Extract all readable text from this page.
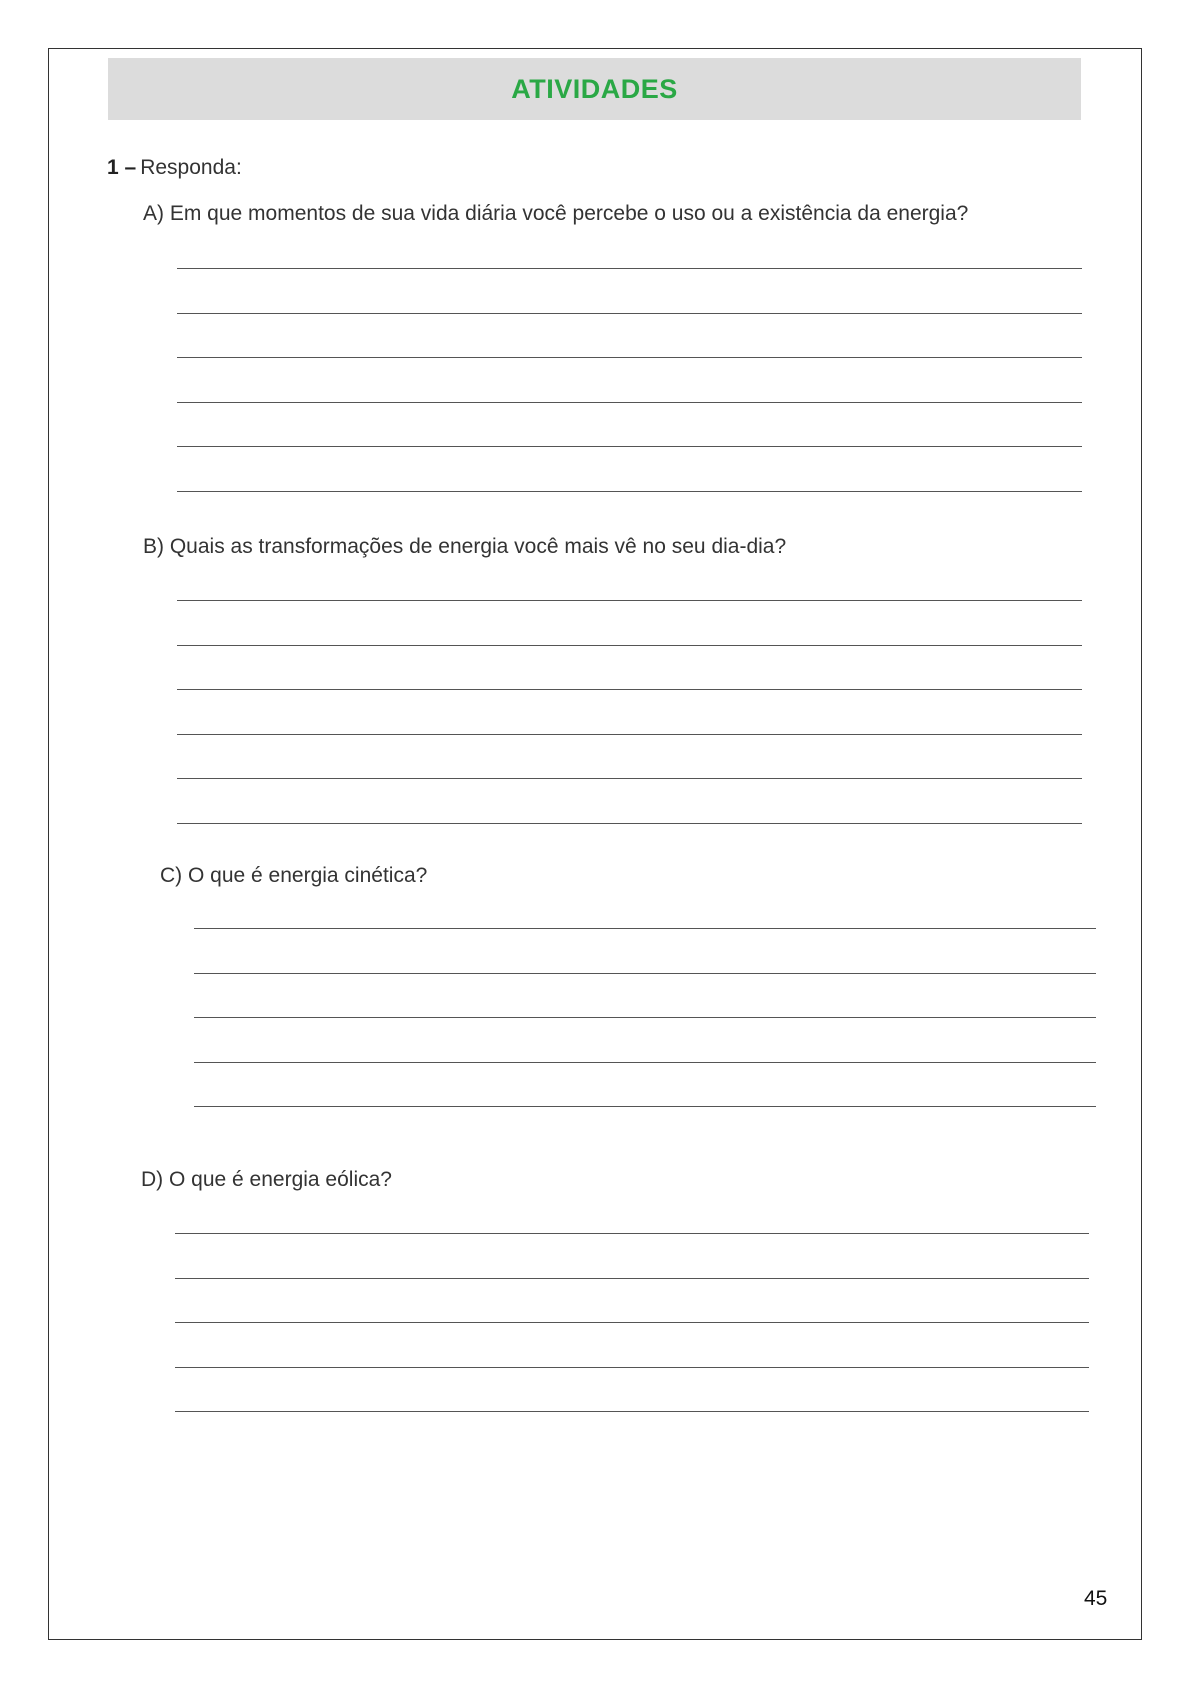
ATIVIDADES
1 – Responda:
A) Em que momentos de sua vida diária você percebe o uso ou a existência da energia?
B) Quais as transformações de energia você mais vê no seu dia-dia?
C) O que é energia cinética?
D) O que é energia eólica?
45
